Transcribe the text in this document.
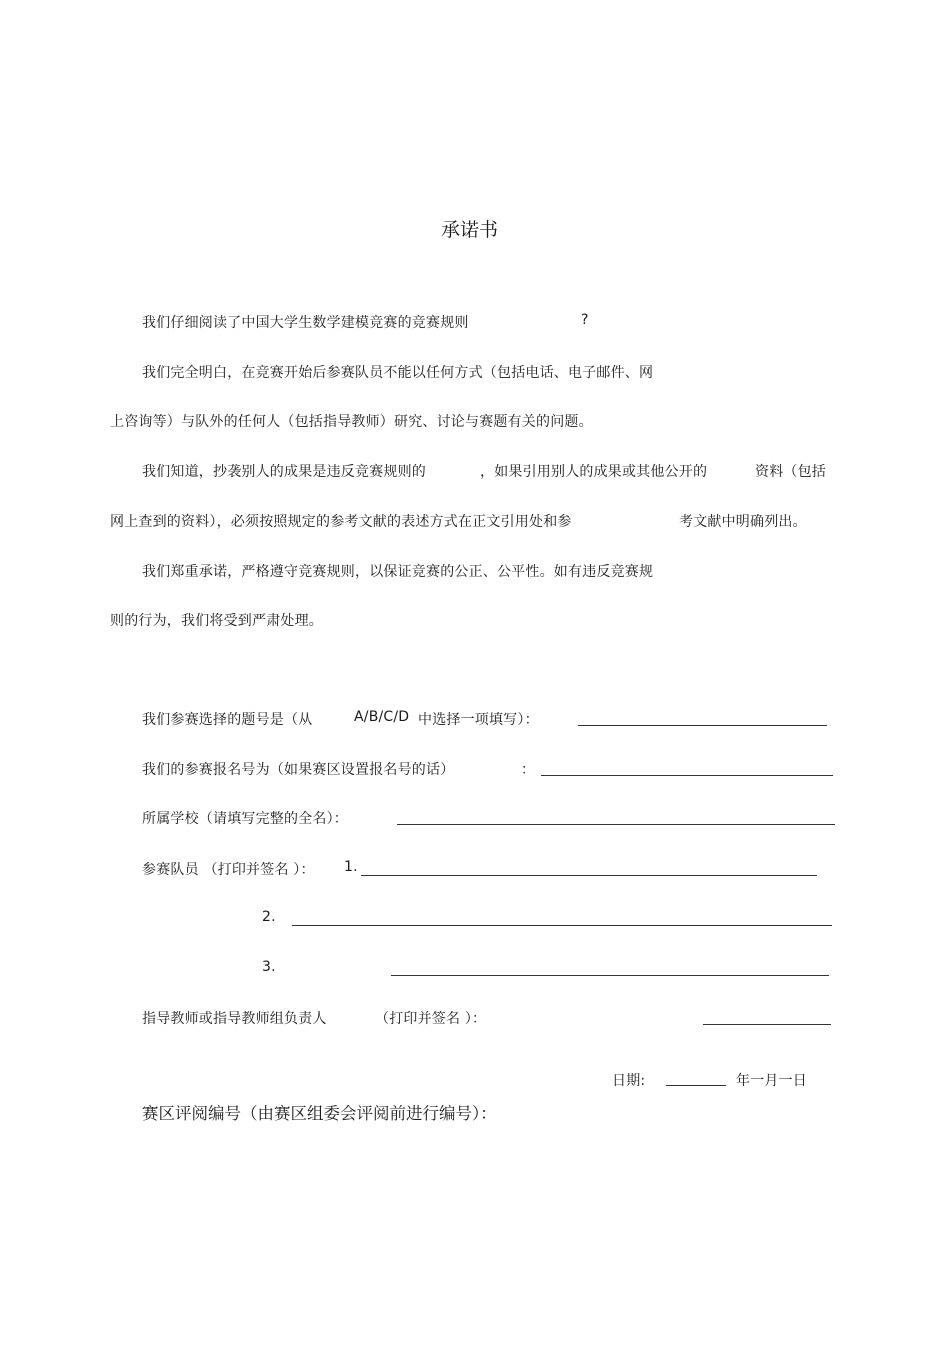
承诺书
我们仔细阅读了中国大学生数学建模竞赛的竞赛规则	?
我们完全明白，在竞赛开始后参赛队员不能以任何方式（包括电话、电子邮件、网
上咨询等）与队外的任何人（包括指导教师）研究、讨论与赛题有关的问题。
我们知道，抄袭别人的成果是违反竞赛规则的	，如果引用别人的成果或其他公开的	资料（包括
网上查到的资料），必须按照规定的参考文献的表述方式在正文引用处和参	考文献中明确列出。
我们郑重承诺，严格遵守竞赛规则，以保证竞赛的公正、公平性。如有违反竞赛规
则的行为，我们将受到严肃处理。
我们参赛选择的题号是（从	A/B/C/D 中选择一项填写）：
我们的参赛报名号为（如果赛区设置报名号的话）	：
所属学校（请填写完整的全名）：
参赛队员 （打印并签名 ）： 1.
2.
3.
指导教师或指导教师组负责人	（打印并签名 ）：
日期:	年一月一日
赛区评阅编号（由赛区组委会评阅前进行编号）：
